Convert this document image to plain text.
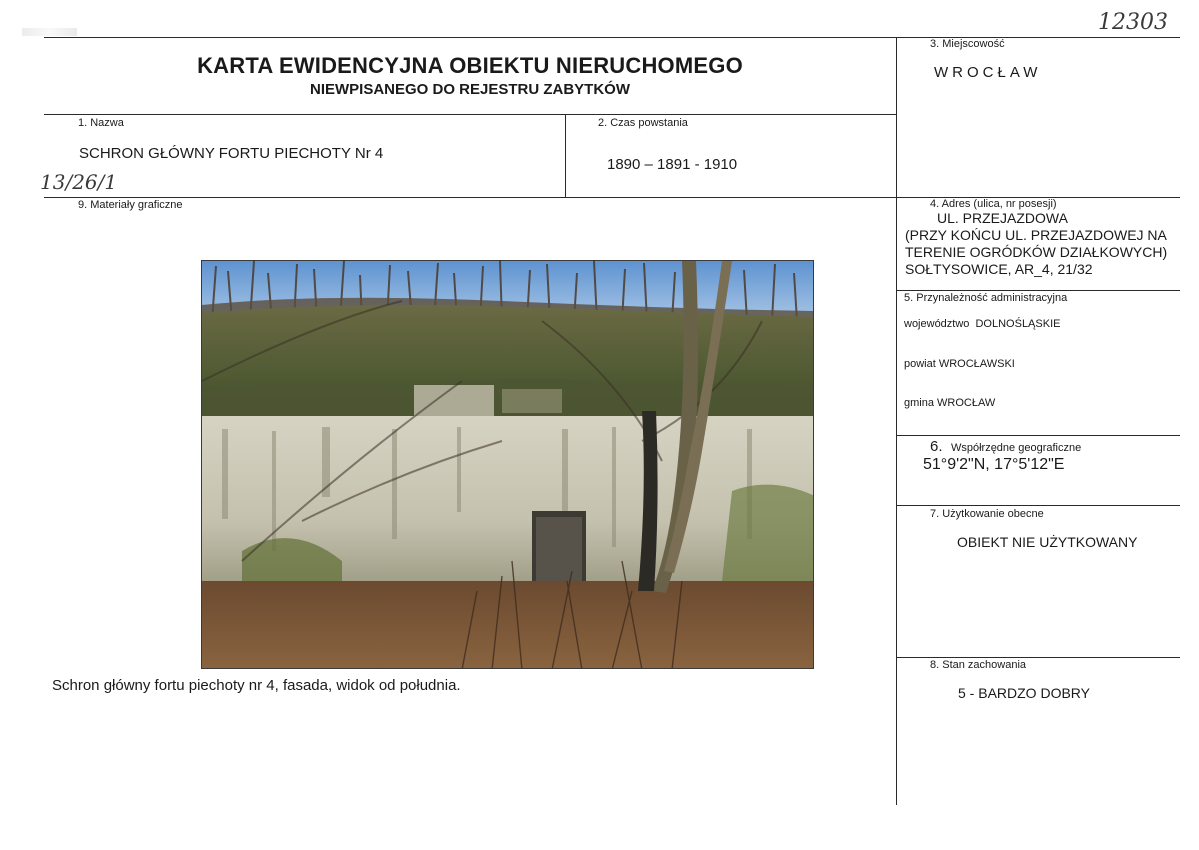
12303
13/26/1
KARTA EWIDENCYJNA OBIEKTU NIERUCHOMEGO
NIEWPISANEGO DO REJESTRU ZABYTKÓW
3. Miejscowość
WROCŁAW
1. Nazwa
SCHRON GŁÓWNY FORTU PIECHOTY Nr 4
2. Czas powstania
1890 – 1891 - 1910
9. Materiały graficzne	4. Adres (ulica, nr posesji)
UL. PRZEJAZDOWA
(PRZY KOŃCU UL. PRZEJAZDOWEJ NA
TERENIE OGRÓDKÓW DZIAŁKOWYCH)
SOŁTYSOWICE, AR_4, 21/32
5. Przynależność administracyjna
województwo DOLNOŚLĄSKIE
powiat WROCŁAWSKI
gmina WROCŁAW
6. Współrzędne geograficzne
51°9'2"N, 17°5'12"E
7. Użytkowanie obecne
OBIEKT NIE UŻYTKOWANY
8. Stan zachowania
5 - BARDZO DOBRY
Schron główny fortu piechoty nr 4, fasada, widok od południa.
